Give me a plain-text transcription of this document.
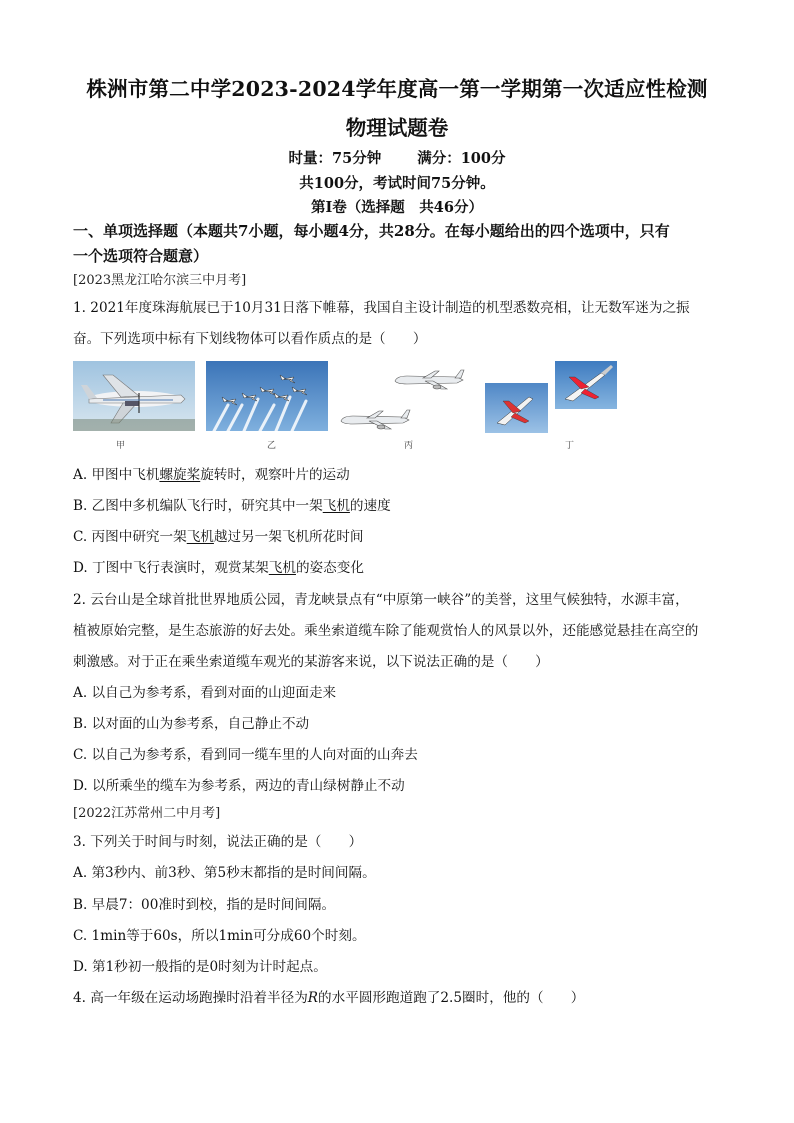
株洲市第二中学2023-2024学年度高一第一学期第一次适应性检测
物理试题卷
时量：75分钟 满分：100分
共100分，考试时间75分钟。
第Ⅰ卷（选择题　共46分）
一、单项选择题（本题共7小题，每小题4分，共28分。在每小题给出的四个选项中，只有
一个选项符合题意）
[2023黑龙江哈尔滨三中月考]
1. 2021年度珠海航展已于10月31日落下帷幕，我国自主设计制造的机型悉数亮相，让无数军迷为之振
奋。下列选项中标有下划线物体可以看作质点的是（　　）
甲	乙	丙	丁
A. 甲图中飞机螺旋桨旋转时，观察叶片的运动
B. 乙图中多机编队飞行时，研究其中一架飞机的速度
C. 丙图中研究一架飞机越过另一架飞机所花时间
D. 丁图中飞行表演时，观赏某架飞机的姿态变化
2. 云台山是全球首批世界地质公园，青龙峡景点有“中原第一峡谷”的美誉，这里气候独特，水源丰富，
植被原始完整，是生态旅游的好去处。乘坐索道缆车除了能观赏怡人的风景以外，还能感觉悬挂在高空的
刺激感。对于正在乘坐索道缆车观光的某游客来说，以下说法正确的是（　　）
A. 以自己为参考系，看到对面的山迎面走来
B. 以对面的山为参考系，自己静止不动
C. 以自己为参考系，看到同一缆车里的人向对面的山奔去
D. 以所乘坐的缆车为参考系，两边的青山绿树静止不动
[2022江苏常州二中月考]
3. 下列关于时间与时刻，说法正确的是（　　）
A. 第3秒内、前3秒、第5秒末都指的是时间间隔。
B. 早晨7：00准时到校，指的是时间间隔。
C. 1min等于60s，所以1min可分成60个时刻。
D. 第1秒初一般指的是0时刻为计时起点。
4. 高一年级在运动场跑操时沿着半径为R的水平圆形跑道跑了2.5圈时，他的（　　）
